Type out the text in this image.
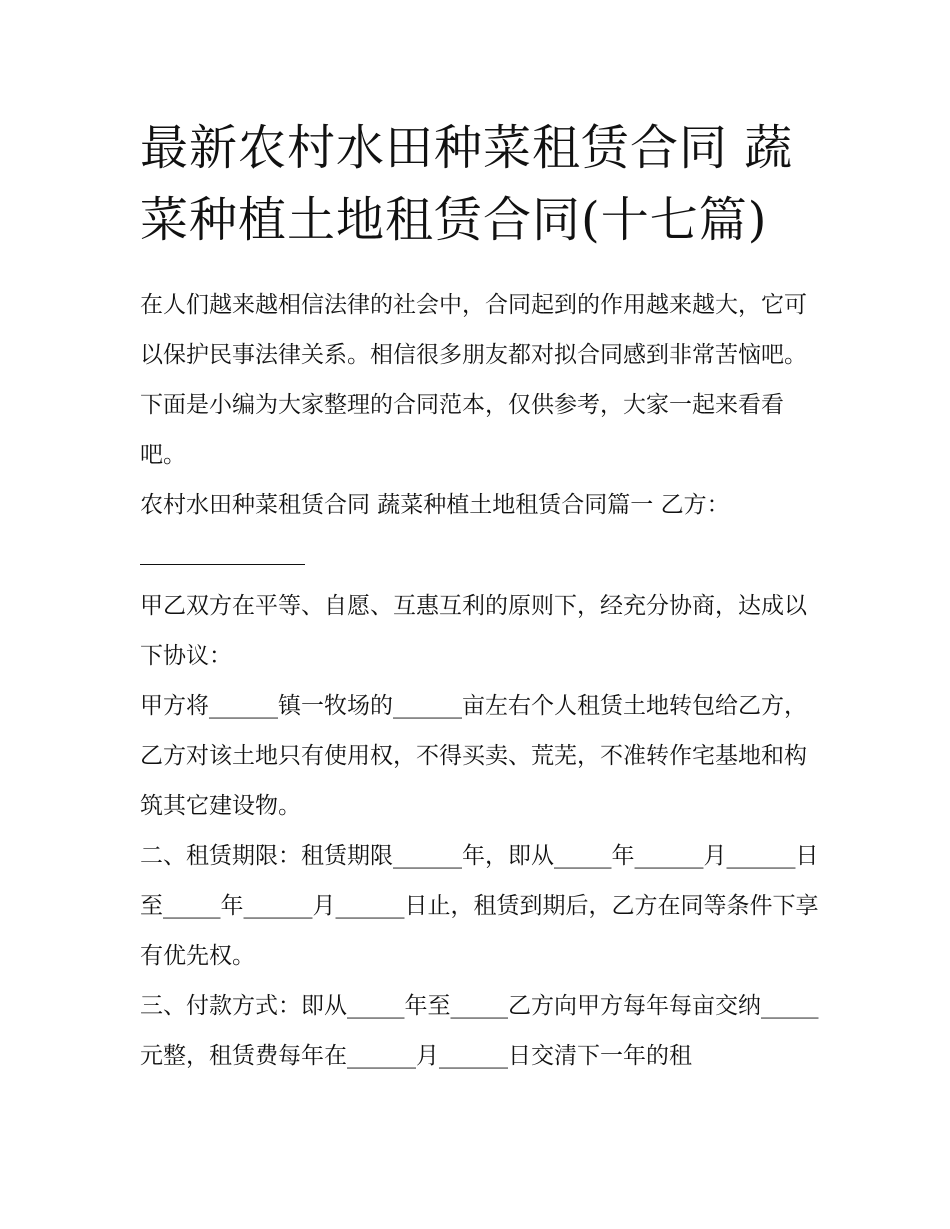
最新农村水田种菜租赁合同 蔬菜种植土地租赁合同(十七篇)

在人们越来越相信法律的社会中，合同起到的作用越来越大，它可以保护民事法律关系。相信很多朋友都对拟合同感到非常苦恼吧。下面是小编为大家整理的合同范本，仅供参考，大家一起来看看吧。

农村水田种菜租赁合同 蔬菜种植土地租赁合同篇一 乙方：

甲乙双方在平等、自愿、互惠互利的原则下，经充分协商，达成以下协议：

甲方将______镇一牧场的______亩左右个人租赁土地转包给乙方，乙方对该土地只有使用权，不得买卖、荒芜，不准转作宅基地和构筑其它建设物。

二、租赁期限：租赁期限______年，即从_____年______月______日至_____年______月______日止，租赁到期后，乙方在同等条件下享有优先权。

三、付款方式：即从_____年至_____乙方向甲方每年每亩交纳_____元整，租赁费每年在______月______日交清下一年的租
